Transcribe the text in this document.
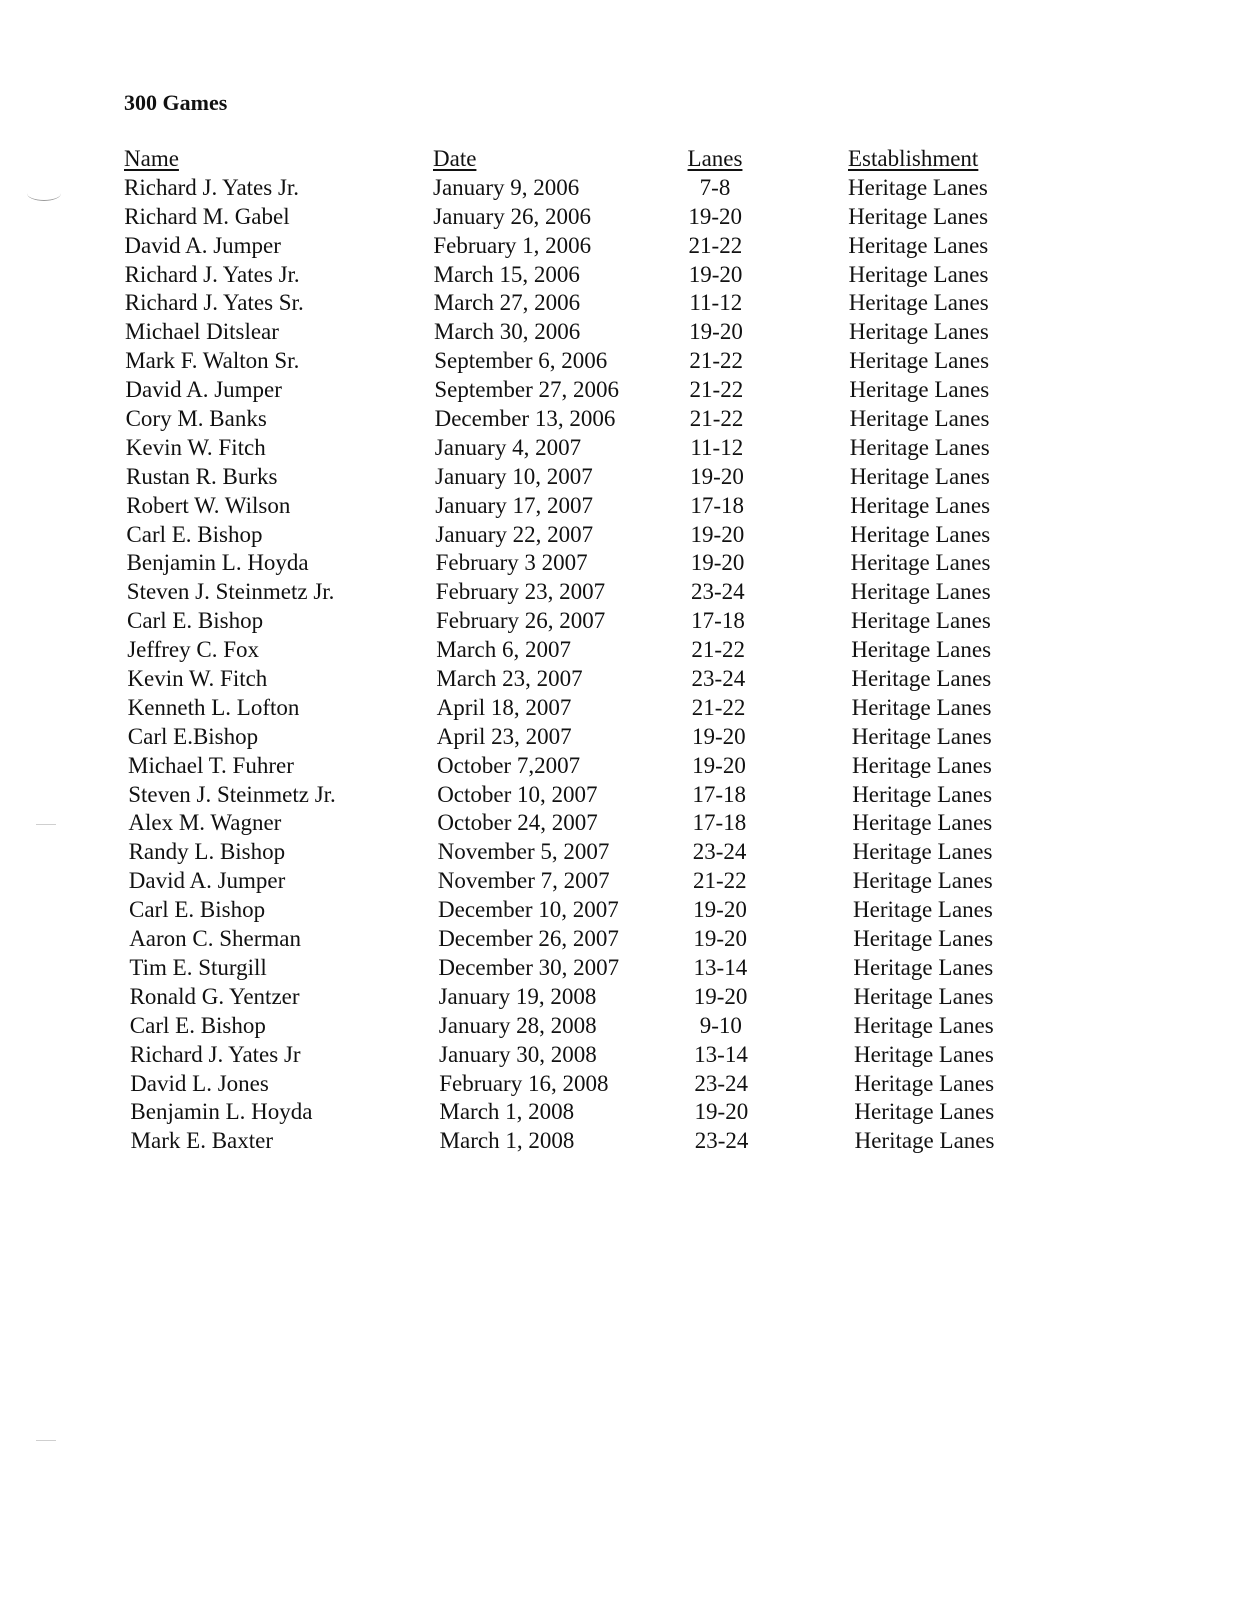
300 Games
Name	Date	Lanes	Establishment
Richard J. Yates Jr.	January 9, 2006	7-8	Heritage Lanes
Richard M. Gabel	January 26, 2006	19-20	Heritage Lanes
David A. Jumper	February 1, 2006	21-22	Heritage Lanes
Richard J. Yates Jr.	March 15, 2006	19-20	Heritage Lanes
Richard J. Yates Sr.	March 27, 2006	11-12	Heritage Lanes
Michael Ditslear	March 30, 2006	19-20	Heritage Lanes
Mark F. Walton Sr.	September 6, 2006	21-22	Heritage Lanes
David A. Jumper	September 27, 2006	21-22	Heritage Lanes
Cory M. Banks	December 13, 2006	21-22	Heritage Lanes
Kevin W. Fitch	January 4, 2007	11-12	Heritage Lanes
Rustan R. Burks	January 10, 2007	19-20	Heritage Lanes
Robert W. Wilson	January 17, 2007	17-18	Heritage Lanes
Carl E. Bishop	January 22, 2007	19-20	Heritage Lanes
Benjamin L. Hoyda	February 3 2007	19-20	Heritage Lanes
Steven J. Steinmetz Jr.	February 23, 2007	23-24	Heritage Lanes
Carl E. Bishop	February 26, 2007	17-18	Heritage Lanes
Jeffrey C. Fox	March 6, 2007	21-22	Heritage Lanes
Kevin W. Fitch	March 23, 2007	23-24	Heritage Lanes
Kenneth L. Lofton	April 18, 2007	21-22	Heritage Lanes
Carl E.Bishop	April 23, 2007	19-20	Heritage Lanes
Michael T. Fuhrer	October 7,2007	19-20	Heritage Lanes
Steven J. Steinmetz Jr.	October 10, 2007	17-18	Heritage Lanes
Alex M. Wagner	October 24, 2007	17-18	Heritage Lanes
Randy L. Bishop	November 5, 2007	23-24	Heritage Lanes
David A. Jumper	November 7, 2007	21-22	Heritage Lanes
Carl E. Bishop	December 10, 2007	19-20	Heritage Lanes
Aaron C. Sherman	December 26, 2007	19-20	Heritage Lanes
Tim E. Sturgill	December 30, 2007	13-14	Heritage Lanes
Ronald G. Yentzer	January 19, 2008	19-20	Heritage Lanes
Carl E. Bishop	January 28, 2008	9-10	Heritage Lanes
Richard J. Yates Jr	January 30, 2008	13-14	Heritage Lanes
David L. Jones	February 16, 2008	23-24	Heritage Lanes
Benjamin L. Hoyda	March 1, 2008	19-20	Heritage Lanes
Mark E. Baxter	March 1, 2008	23-24	Heritage Lanes
